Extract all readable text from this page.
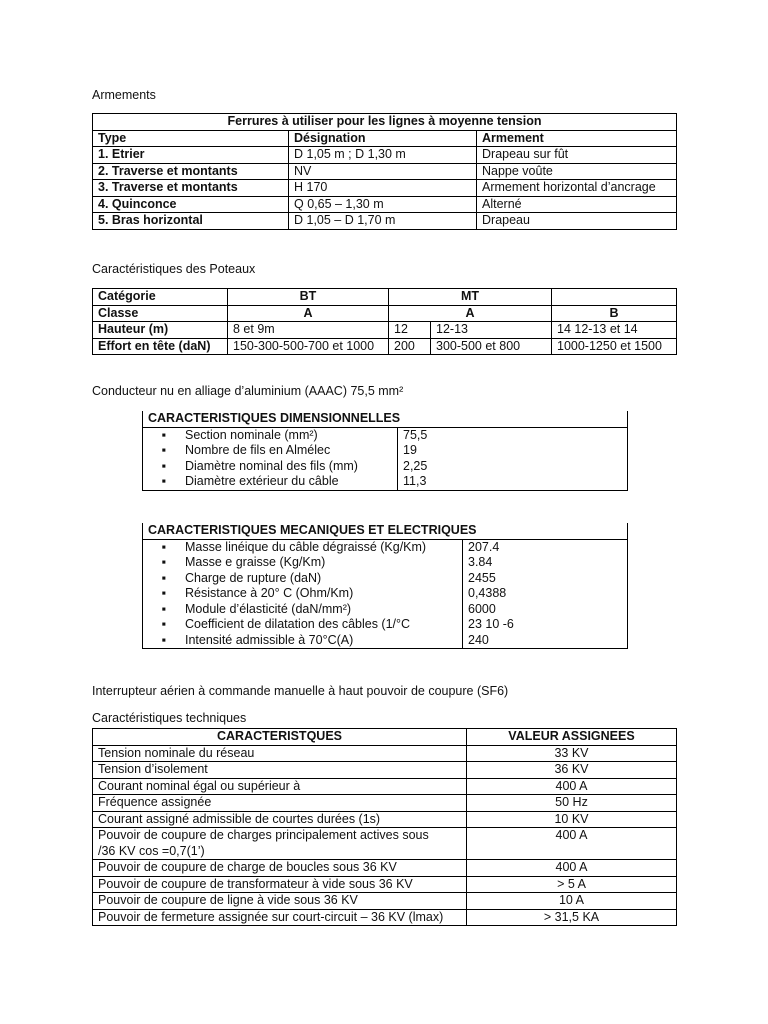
Armements
Ferrures à utiliser pour les lignes à moyenne tension		
Type	Désignation	Armement
1. Etrier	D 1,05 m ; D 1,30 m	Drapeau sur fût
2. Traverse et montants	NV	Nappe voûte
3. Traverse et montants	H 170	Armement horizontal d’ancrage
4. Quinconce	Q 0,65 – 1,30 m	Alterné
5. Bras horizontal	D 1,05 – D 1,70 m	Drapeau
Caractéristiques des Poteaux
Catégorie	BT	MT		
Classe	A	A		B
Hauteur (m)	8 et 9m	12	12-13	14 12-13 et 14
Effort en tête (daN)	150-300-500-700 et 1000	200	300-500 et 800	1000-1250 et 1500
Conducteur nu en alliage d’aluminium (AAAC) 75,5 mm²
CARACTERISTIQUES DIMENSIONNELLES	
▪ Section nominale (mm²)	75,5
▪ Nombre de fils en Almélec	19
▪ Diamètre nominal des fils (mm)	2,25
▪ Diamètre extérieur du câble	11,3
CARACTERISTIQUES MECANIQUES ET ELECTRIQUES	
▪ Masse linéique du câble dégraissé (Kg/Km)	207.4
▪ Masse e graisse (Kg/Km)	3.84
▪ Charge de rupture (daN)	2455
▪ Résistance à 20° C (Ohm/Km)	0,4388
▪ Module d’élasticité (daN/mm²)	6000
▪ Coefficient de dilatation des câbles (1/°C	23 10 -6
▪ Intensité admissible à 70°C(A)	240
Interrupteur aérien à commande manuelle à haut pouvoir de coupure (SF6)
Caractéristiques techniques
CARACTERISTQUES	VALEUR ASSIGNEES
Tension nominale du réseau	33 KV
Tension d’isolement	36 KV
Courant nominal égal ou supérieur à	400 A
Fréquence assignée	50 Hz
Courant assigné admissible de courtes durées (1s)	10 KV
Pouvoir de coupure de charges principalement actives sous	400 A
/36 KV cos =0,7(1’)	
Pouvoir de coupure de charge de boucles sous 36 KV	400 A
Pouvoir de coupure de transformateur à vide sous 36 KV	> 5 A
Pouvoir de coupure de ligne à vide sous 36 KV	10 A
Pouvoir de fermeture assignée sur court-circuit – 36 KV (lmax)	> 31,5 KA
